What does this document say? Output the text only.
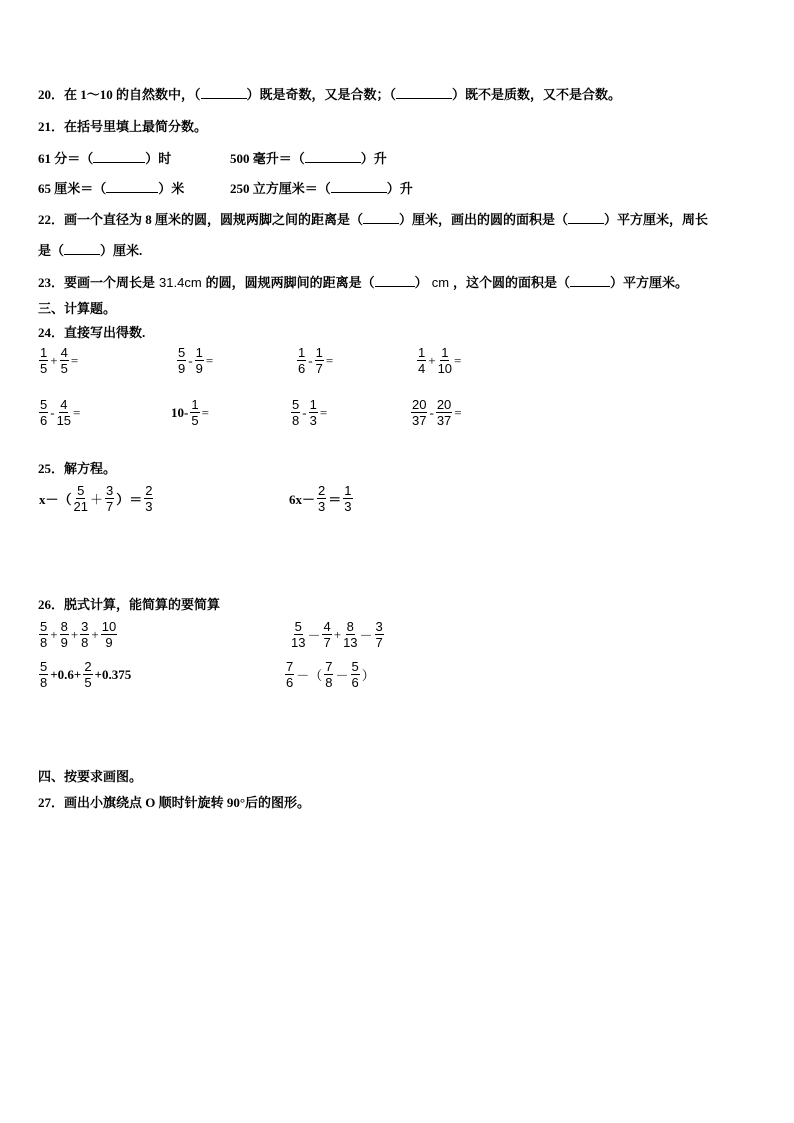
20．在 1～10 的自然数中，（	）既是奇数，又是合数；（	）既不是质数，又不是合数。
21．在括号里填上最简分数。
61 分＝（	）时	500 毫升＝（	）升
65 厘米＝（	）米	250 立方厘米＝（	）升
22．画一个直径为 8 厘米的圆，圆规两脚之间的距离是（	）厘米，画出的圆的面积是（	）平方厘米，周长
是（	）厘米.
23．要画一个周长是 31.4cm 的圆，圆规两脚间的距离是（	） cm ，这个圆的面积是（	）平方厘米。
三、计算题。
24．直接写出得数.
$\frac{1}{5} + \frac{4}{5}$ =	$\frac{5}{9} - \frac{1}{9}$ =	$\frac{1}{6} - \frac{1}{7}$ =	$\frac{1}{4} + \frac{1}{10}$ =
$\frac{5}{6} - \frac{4}{15}$ =	$10- \frac{1}{5}$ =	$\frac{5}{8} - \frac{1}{3}$ =	$\frac{20}{37} - \frac{20}{37}$ =
25．解方程。
$x-( \frac{5}{21} + \frac{3}{7}$ ）＝ $\frac{2}{3}$	$6x- \frac{2}{3} = \frac{1}{3}$
26．脱式计算，能简算的要简算
$\frac{5}{8} + \frac{8}{9} + \frac{3}{8} + \frac{10}{9}$	$\frac{5}{13} - \frac{4}{7} + \frac{8}{13} - \frac{3}{7}$
$\frac{5}{8} +0.6+ \frac{2}{5} +0.375$	$\frac{7}{6}$ －（ $\frac{7}{8} - \frac{5}{6}$ ）
四、按要求画图。
27．画出小旗绕点 O 顺时针旋转 90°后的图形。
